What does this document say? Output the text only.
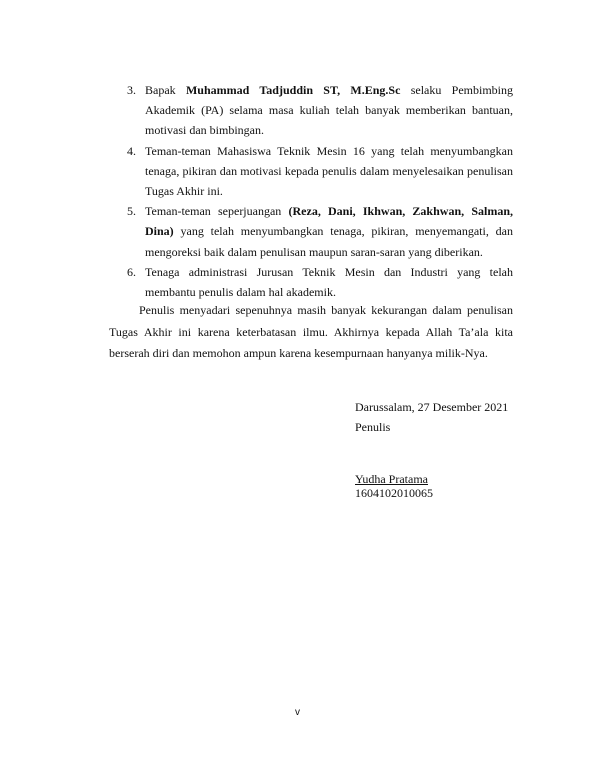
3. Bapak Muhammad Tadjuddin ST, M.Eng.Sc selaku Pembimbing Akademik (PA) selama masa kuliah telah banyak memberikan bantuan, motivasi dan bimbingan.
4. Teman-teman Mahasiswa Teknik Mesin 16 yang telah menyumbangkan tenaga, pikiran dan motivasi kepada penulis dalam menyelesaikan penulisan Tugas Akhir ini.
5. Teman-teman seperjuangan (Reza, Dani, Ikhwan, Zakhwan, Salman, Dina) yang telah menyumbangkan tenaga, pikiran, menyemangati, dan mengoreksi baik dalam penulisan maupun saran-saran yang diberikan.
6. Tenaga administrasi Jurusan Teknik Mesin dan Industri yang telah membantu penulis dalam hal akademik.

Penulis menyadari sepenuhnya masih banyak kekurangan dalam penulisan Tugas Akhir ini karena keterbatasan ilmu. Akhirnya kepada Allah Ta’ala kita berserah diri dan memohon ampun karena kesempurnaan hanyanya milik-Nya.

Darussalam, 27 Desember 2021
Penulis
Yudha Pratama
1604102010065
v
